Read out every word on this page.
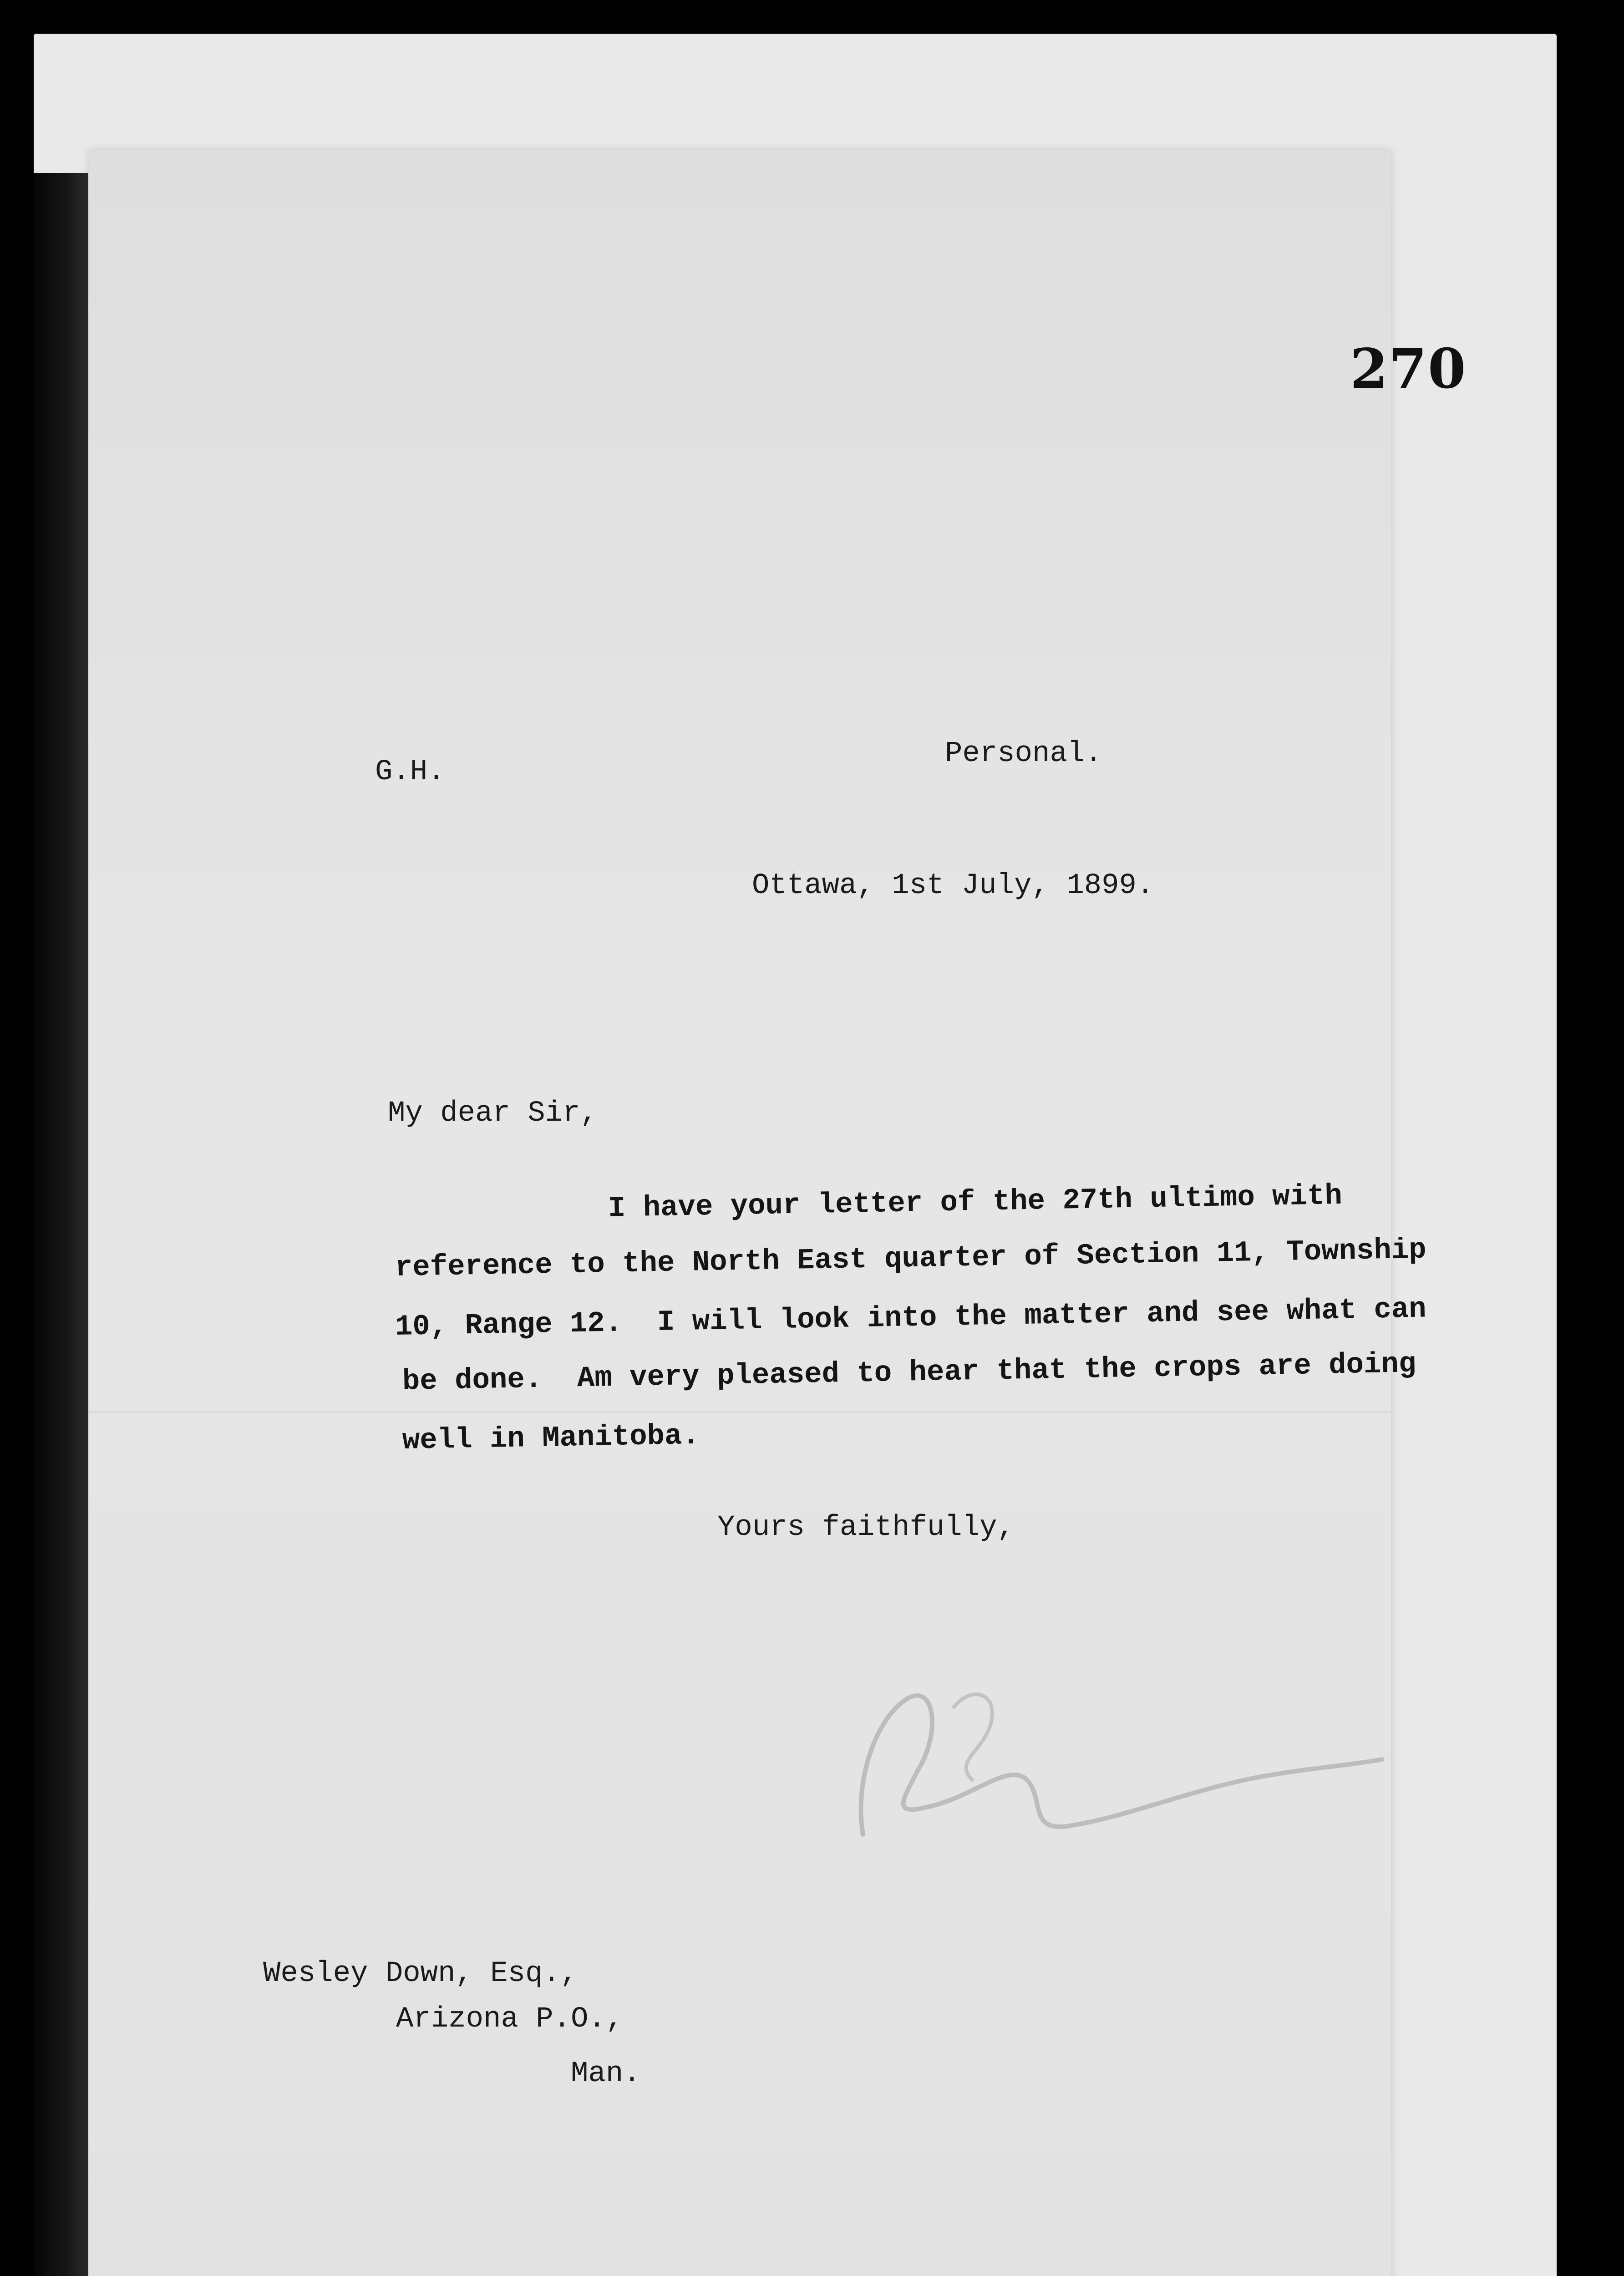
270
G.H.
Personal.
Ottawa, 1st July, 1899.
My dear Sir,
I have your letter of the 27th ultimo with
reference to the North East quarter of Section 11, Township
10, Range 12.  I will look into the matter and see what can
be done.  Am very pleased to hear that the crops are doing
well in Manitoba.
Yours faithfully,
Wesley Down, Esq.,
Arizona P.O.,
Man.
